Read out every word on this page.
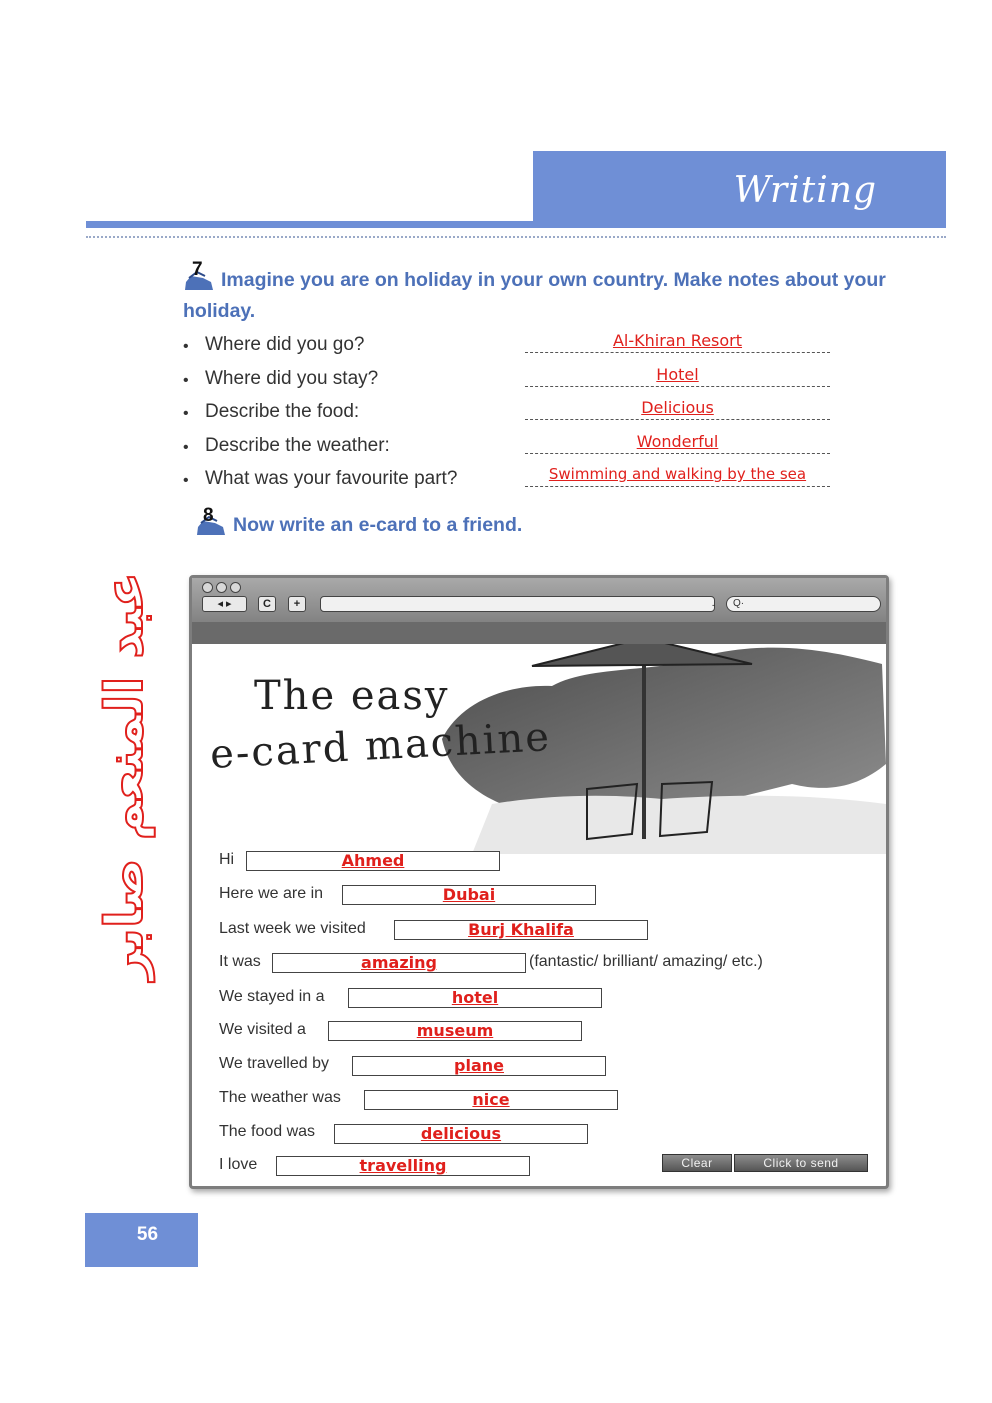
Writing
7 Imagine you are on holiday in your own country. Make notes about your holiday.
• Where did you go?	Al-Khiran Resort
• Where did you stay?	Hotel
• Describe the food:	Delicious
• Describe the weather:	Wonderful
• What was your favourite part?	Swimming and walking by the sea
8 Now write an e-card to a friend.
◂ ▸	C	+	-	Q·
The easy
e-card machine
Hi	Ahmed
Here we are in	Dubai
Last week we visited	Burj Khalifa
It was	amazing	(fantastic/ brilliant/ amazing/ etc.)
We stayed in a	hotel
We visited a	museum
We travelled by	plane
The weather was	nice
The food was	delicious
I love	travelling	Clear	Click to send
عبد المنعم صابر
56
